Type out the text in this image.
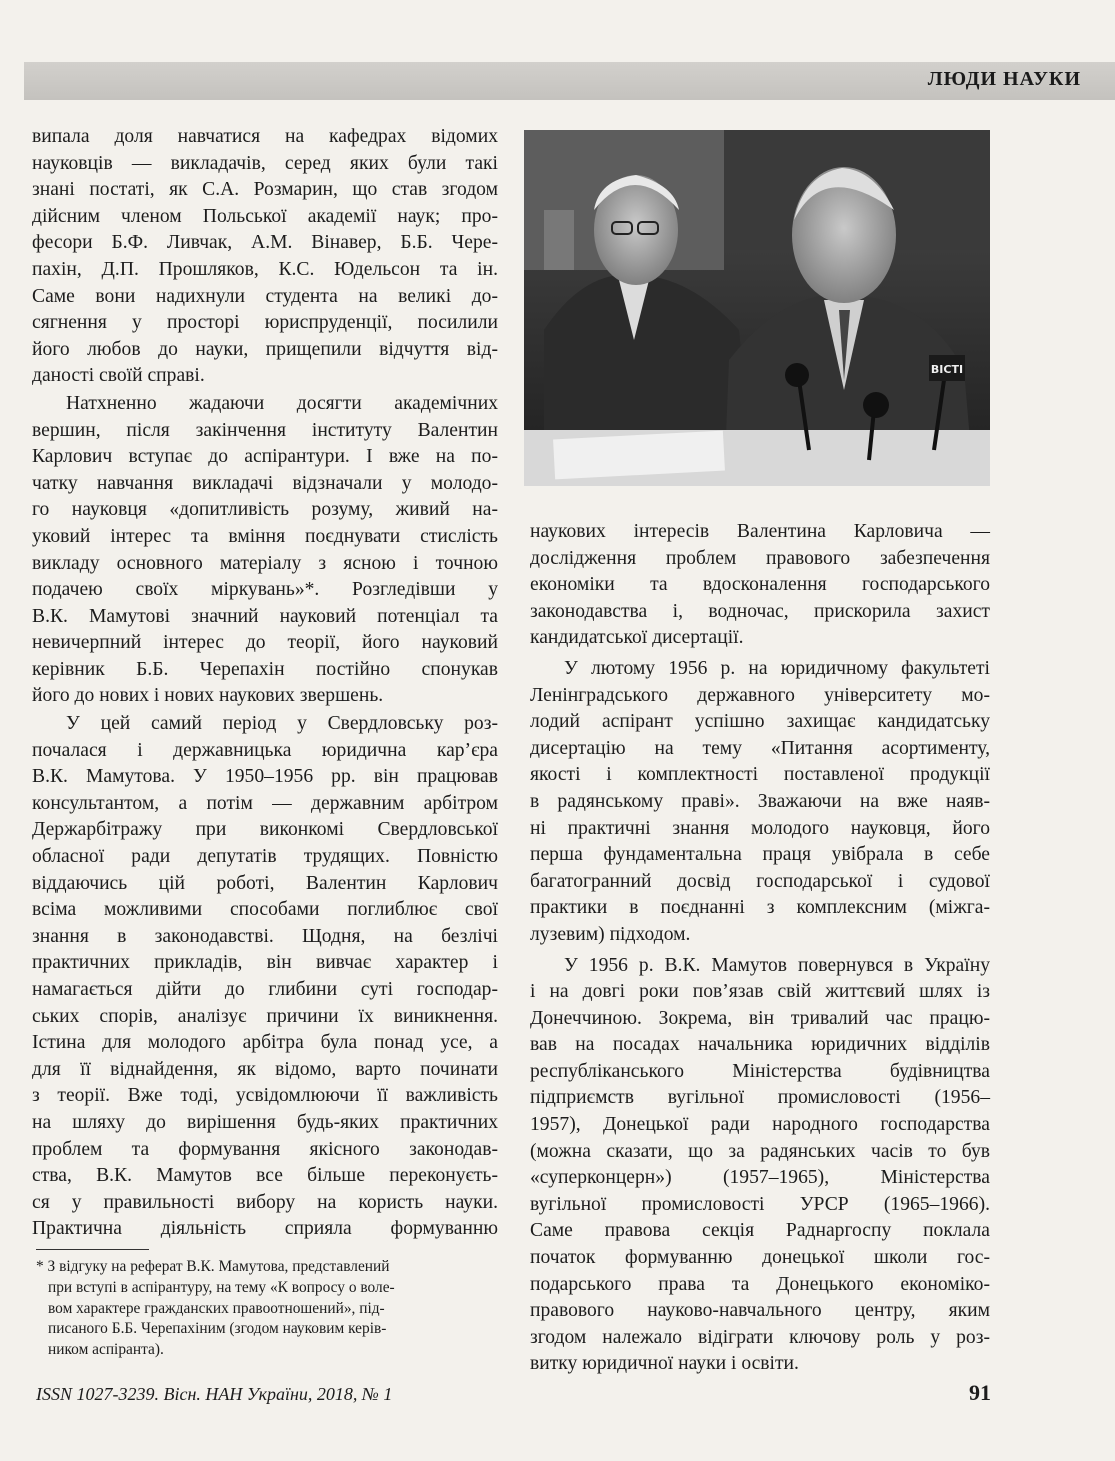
ЛЮДИ НАУКИ

випала доля навчатися на кафедрах відомих
науковців — викладачів, серед яких були такі
знані постаті, як С.А. Розмарин, що став згодом
дійсним членом Польської академії наук; про-
фесори Б.Ф. Ливчак, А.М. Вінавер, Б.Б. Чере-
пахін, Д.П. Прошляков, К.С. Юдельсон та ін.
Саме вони надихнули студента на великі до-
сягнення у просторі юриспруденції, посилили
його любов до науки, прищепили відчуття від-
даності своїй справі.

Натхненно жадаючи досягти академічних
вершин, після закінчення інституту Валентин
Карлович вступає до аспірантури. І вже на по-
чатку навчання викладачі відзначали у молодо-
го науковця «допитливість розуму, живий на-
уковий інтерес та вміння поєднувати стислість
викладу основного матеріалу з ясною і точною
подачею своїх міркувань»*. Розгледівши у
В.К. Мамутові значний науковий потенціал та
невичерпний інтерес до теорії, його науковий
керівник Б.Б. Черепахін постійно спонукав
його до нових і нових наукових звершень.

У цей самий період у Свердловську роз-
почалася і державницька юридична кар’єра
В.К. Мамутова. У 1950–1956 рр. він працював
консультантом, а потім — державним арбітром
Держарбітражу при виконкомі Свердловської
обласної ради депутатів трудящих. Повністю
віддаючись цій роботі, Валентин Карлович
всіма можливими способами поглиблює свої
знання в законодавстві. Щодня, на безлічі
практичних прикладів, він вивчає характер і
намагається дійти до глибини суті господар-
ських спорів, аналізує причини їх виникнення.
Істина для молодого арбітра була понад усе, а
для її віднайдення, як відомо, варто починати
з теорії. Вже тоді, усвідомлюючи її важливість
на шляху до вирішення будь-яких практичних
проблем та формування якісного законодав-
ства, В.К. Мамутов все більше переконуєть-
ся у правильності вибору на користь науки.
Практична діяльність сприяла формуванню

ВІСТІ

наукових інтересів Валентина Карловича —
дослідження проблем правового забезпечення
економіки та вдосконалення господарського
законодавства і, водночас, прискорила захист
кандидатської дисертації.

У лютому 1956 р. на юридичному факультеті
Ленінградського державного університету мо-
лодий аспірант успішно захищає кандидатську
дисертацію на тему «Питання асортименту,
якості і комплектності поставленої продукції
в радянському праві». Зважаючи на вже наяв-
ні практичні знання молодого науковця, його
перша фундаментальна праця увібрала в себе
багатогранний досвід господарської і судової
практики в поєднанні з комплексним (міжга-
лузевим) підходом.

У 1956 р. В.К. Мамутов повернувся в Україну
і на довгі роки пов’язав свій життєвий шлях із
Донеччиною. Зокрема, він тривалий час працю-
вав на посадах начальника юридичних відділів
республіканського Міністерства будівництва
підприємств вугільної промисловості (1956–
1957), Донецької ради народного господарства
(можна сказати, що за радянських часів то був
«суперконцерн») (1957–1965), Міністерства
вугільної промисловості УРСР (1965–1966).
Саме правова секція Раднаргоспу поклала
початок формуванню донецької школи гос-
подарського права та Донецького економіко-
правового науково-навчального центру, яким
згодом належало відіграти ключову роль у роз-
витку юридичної науки і освіти.

* З відгуку на реферат В.К. Мамутова, представлений
при вступі в аспірантуру, на тему «К вопросу о воле-
вом характере гражданских правоотношений», під-
писаного Б.Б. Черепахіним (згодом науковим керів-
ником аспіранта).
ISSN 1027-3239. Вісн. НАН України, 2018, № 1	91
